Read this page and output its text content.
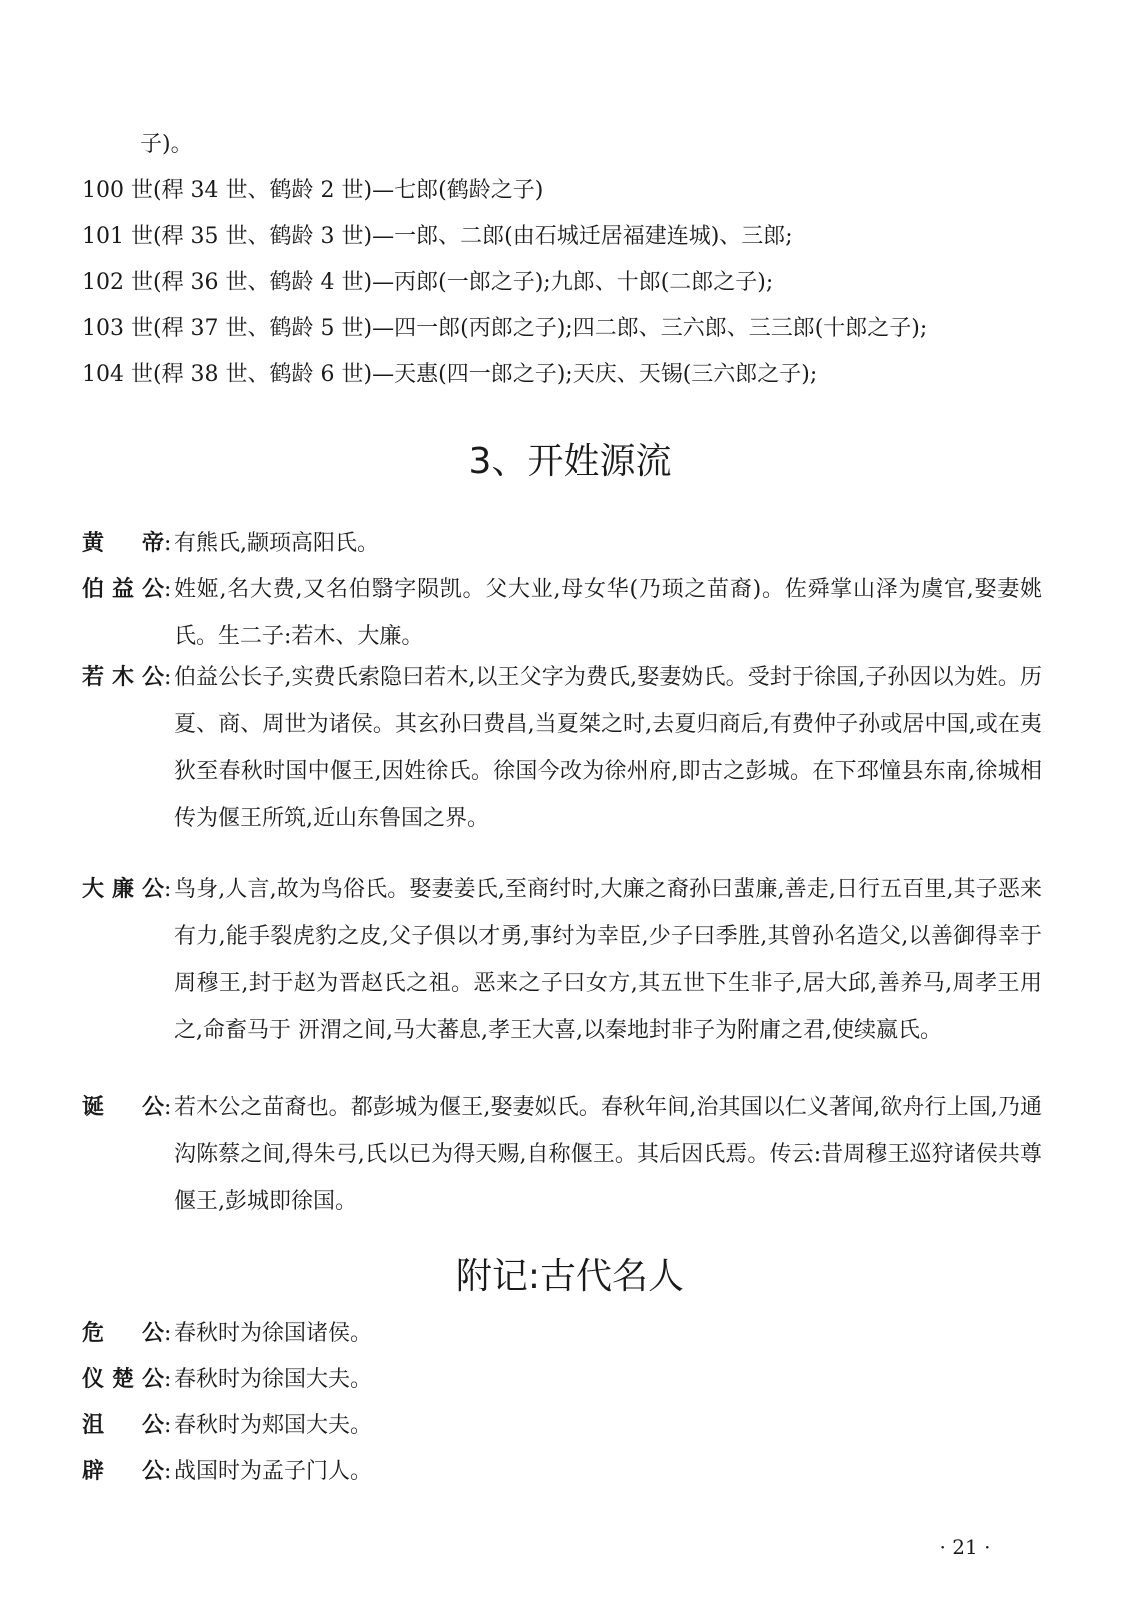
子)。
100 世(稈 34 世、鹤龄 2 世)—七郎(鹤龄之子)
101 世(稈 35 世、鹤龄 3 世)—一郎、二郎(由石城迁居福建连城)、三郎;
102 世(稈 36 世、鹤龄 4 世)—丙郎(一郎之子);九郎、十郎(二郎之子);
103 世(稈 37 世、鹤龄 5 世)—四一郎(丙郎之子);四二郎、三六郎、三三郎(十郎之子);
104 世(稈 38 世、鹤龄 6 世)—天惠(四一郎之子);天庆、天锡(三六郎之子);
3、开姓源流
黄帝 : 有熊氏,颛顼高阳氏。
伯益公 : 姓姬,名大费,又名伯翳字陨凯。父大业,母女华(乃顼之苗裔)。佐舜掌山泽为虞官,娶妻姚氏。生二子:若木、大廉。
若木公 : 伯益公长子,实费氏索隐曰若木,以王父字为费氏,娶妻妫氏。受封于徐国,子孙因以为姓。历夏、商、周世为诸侯。其玄孙曰费昌,当夏桀之时,去夏归商后,有费仲子孙或居中国,或在夷狄至春秋时国中偃王,因姓徐氏。徐国今改为徐州府,即古之彭城。在下邳憧县东南,徐城相传为偃王所筑,近山东鲁国之界。
大廉公 : 鸟身,人言,故为鸟俗氏。娶妻姜氏,至商纣时,大廉之裔孙曰蜚廉,善走,日行五百里,其子恶来有力,能手裂虎豹之皮,父子俱以才勇,事纣为幸臣,少子曰季胜,其曾孙名造父,以善御得幸于周穆王,封于赵为晋赵氏之祖。恶来之子曰女方,其五世下生非子,居大邱,善养马,周孝王用之,命畜马于 汧渭之间,马大蕃息,孝王大喜,以秦地封非子为附庸之君,使续嬴氏。
诞公 : 若木公之苗裔也。都彭城为偃王,娶妻姒氏。春秋年间,治其国以仁义著闻,欲舟行上国,乃通沟陈蔡之间,得朱弓,氏以已为得天赐,自称偃王。其后因氏焉。传云:昔周穆王巡狩诸侯共尊偃王,彭城即徐国。
附记:古代名人
危公 : 春秋时为徐国诸侯。
仪楚公 : 春秋时为徐国大夫。
沮公 : 春秋时为郏国大夫。
辟公 : 战国时为孟子门人。
· 21 ·
